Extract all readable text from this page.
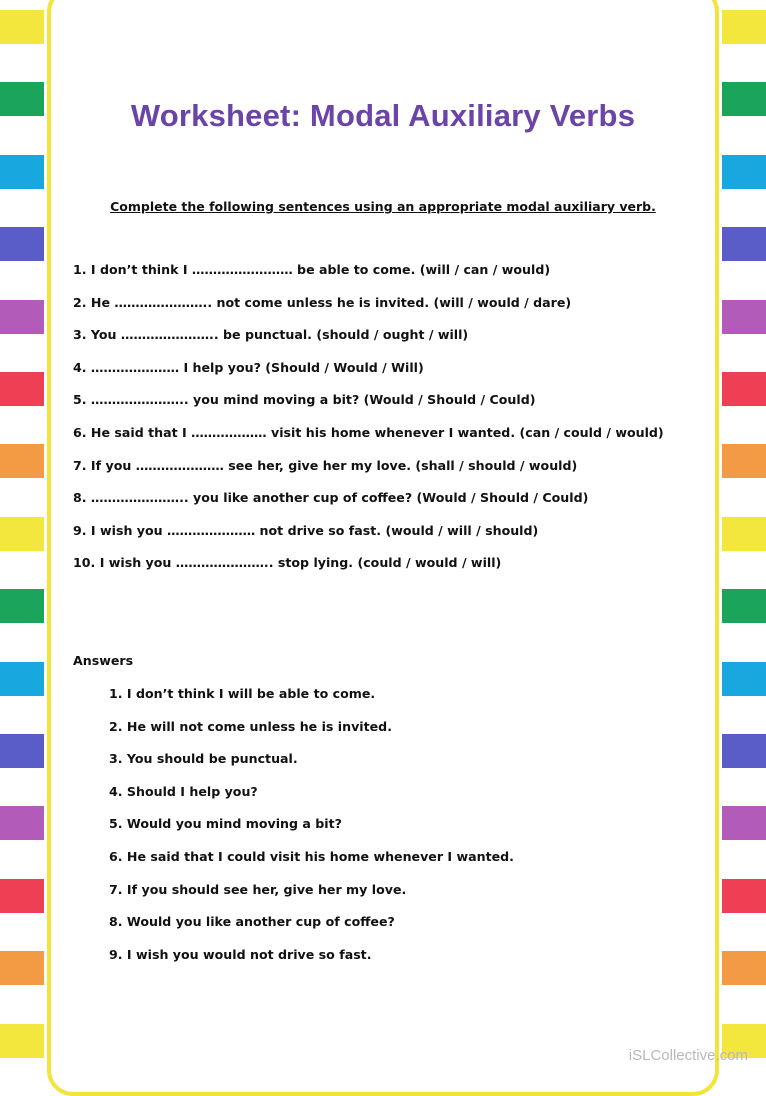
Worksheet: Modal Auxiliary Verbs
Complete the following sentences using an appropriate modal auxiliary verb.
1. I don’t think I …………………… be able to come. (will / can / would)
2. He ………………….. not come unless he is invited. (will / would / dare)
3. You ………………….. be punctual. (should / ought / will)
4. ………………… I help you? (Should / Would / Will)
5. ………………….. you mind moving a bit? (Would / Should / Could)
6. He said that I ……………… visit his home whenever I wanted. (can / could / would)
7. If you ………………… see her, give her my love. (shall / should / would)
8. ………………….. you like another cup of coffee? (Would / Should / Could)
9. I wish you ………………… not drive so fast. (would / will / should)
10. I wish you ………………….. stop lying. (could / would / will)
Answers
1. I don’t think I will be able to come.
2. He will not come unless he is invited.
3. You should be punctual.
4. Should I help you?
5. Would you mind moving a bit?
6. He said that I could visit his home whenever I wanted.
7. If you should see her, give her my love.
8. Would you like another cup of coffee?
9. I wish you would not drive so fast.
iSLCollective.com
